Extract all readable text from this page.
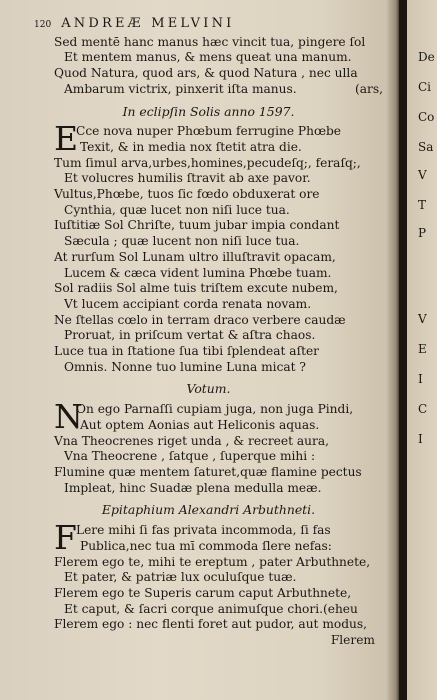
120 ANDREÆ MELVINI
Sed mentē hanc manus hæc vincit tua, pingere ſol
Et mentem manus, & mens queat una manum.
Quod Natura, quod ars, & quod Natura , nec ulla
Ambarum victrix, pinxerit iſta manus.	(ars,
In eclipſin Solis anno 1597.
E
Cce nova nuper Phœbum ferrugine Phœbe
Texit, & in media nox ſtetit atra die.
Tum ſimul arva,urbes,homines,pecudeſq;, feraſq;,
Et volucres humilis ſtravit ab axe pavor.
Vultus,Phœbe, tuos ſic fœdo obduxerat ore
Cynthia, quæ lucet non niſi luce tua.
Iuſtitiæ Sol Chriſte, tuum jubar impia condant
Sæcula ; quæ lucent non niſi luce tua.
At rurſum Sol Lunam ultro illuſtravit opacam,
Lucem & cæca vident lumina Phœbe tuam.
Sol radiis Sol alme tuis triſtem excute nubem,
Vt lucem accipiant corda renata novam.
Ne ſtellas cœlo in terram draco verbere caudæ
Proruat, in priſcum vertat & aſtra chaos.
Luce tua in ſtatione ſua tibi ſplendeat aſter
Omnis. Nonne tuo lumine Luna micat ?
Votum.
N
On ego Parnaſſi cupiam juga, non juga Pindi,
Aut optem Aonias aut Heliconis aquas.
Vna Theocrenes riget unda , & recreet aura,
Vna Theocrene , ſatque , ſuperque mihi :
Flumine quæ mentem ſaturet,quæ flamine pectus
Impleat, hinc Suadæ plena medulla meæ.
Epitaphium Alexandri Arbuthneti.
F Lere mihi ſi fas privata incommoda, ſi fas
Publica,nec tua mī commoda ſlere nefas:
Flerem ego te, mihi te ereptum , pater Arbuthnete,
Et pater, & patriæ lux oculuſque tuæ.
Flerem ego te Superis carum caput Arbuthnete,
Et caput, & ſacri corque animuſque chori.(eheu
Flerem ego : nec flenti foret aut pudor, aut modus,
Flerem
De
Ci
Co
Sa
V
T
P
V
E
I
C
I
